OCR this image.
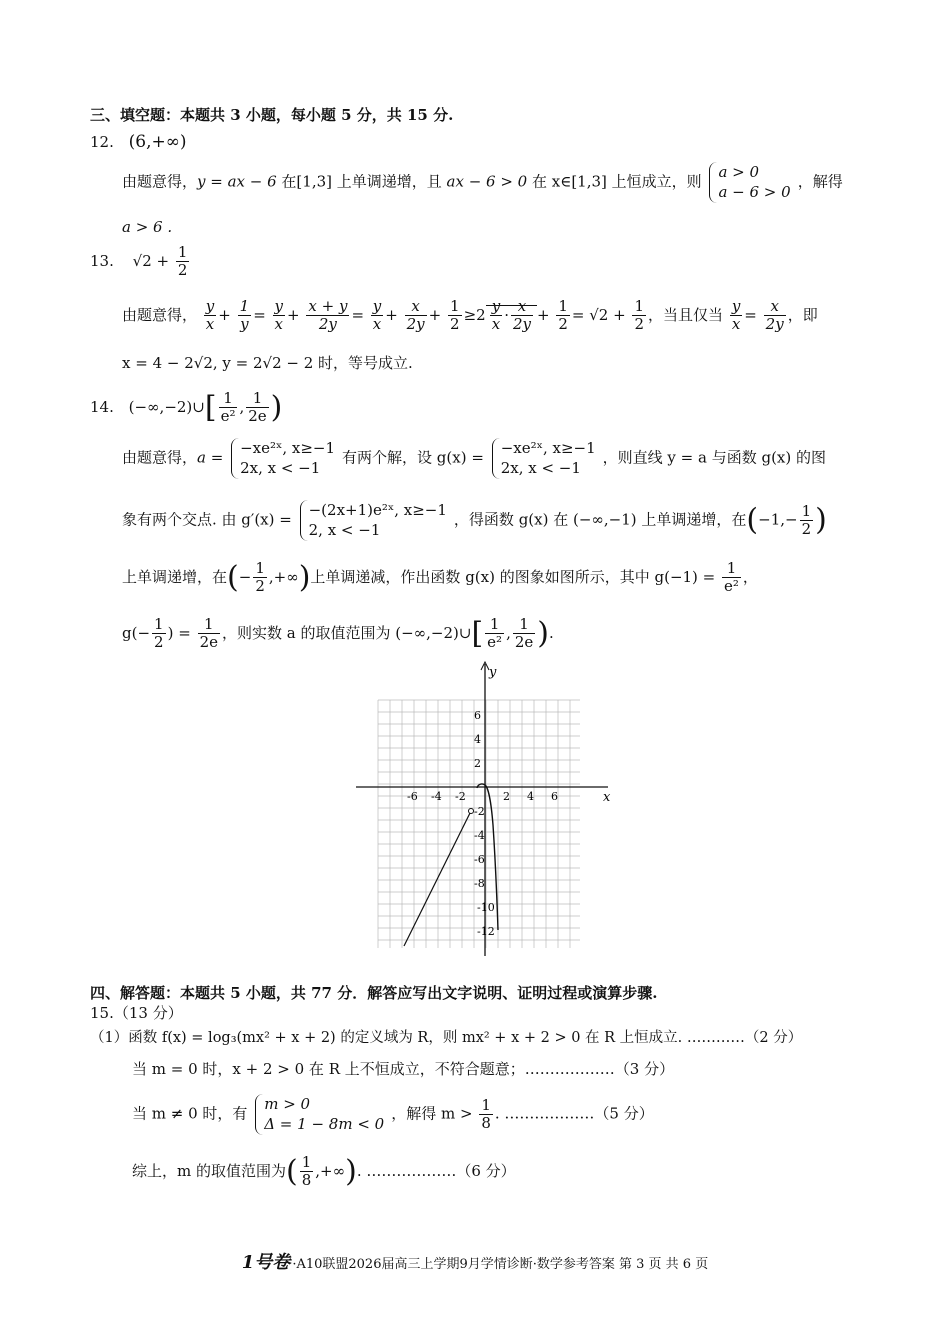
三、填空题：本题共 3 小题，每小题 5 分，共 15 分.
12. (6,+∞)
由题意得，y = ax − 6 在[1,3] 上单调递增，且 ax − 6 > 0 在 x∈[1,3] 上恒成立，则
a > 0
a − 6 > 0
，解得
a > 6 .
13. $√2 + \frac{1}{2}$
由题意得， $\frac{y}{x} + \frac{1}{y} = \frac{y}{x} + \frac{x + y}{2y} = \frac{y}{x} + \frac{x}{2y} + \frac{1}{2} \ge 2 \frac{y}{x} \cdot \frac{x}{2y} + \frac{1}{2} = √2 + \frac{1}{2}$ ，当且仅当 $\frac{y}{x} = \frac{x}{2y}$ ，即
x = 4 − 2√2, y = 2√2 − 2 时，等号成立.
14. (−∞,−2)∪[ $\frac{1}{\text{e²}}$ , $\frac{1}{2e}$ )
由题意得，a =
−xe²ˣ, x≥−1
2x, x < −1
有两个解，设 g(x) =
−xe²ˣ, x≥−1
2x, x < −1
，则直线 y = a 与函数 g(x) 的图
象有两个交点. 由 g′(x) =
−(2x+1)e²ˣ, x≥−1
2, x < −1
，得函数 g(x) 在 (−∞,−1) 上单调递增，在($-1,- \frac{1}{2}$ )
上单调递增，在(− $\frac{1}{2}$ ,+∞)上单调递减，作出函数 g(x) 的图象如图所示，其中 $g(-1) = \frac{1}{\text{e²}}$ ，
$g(- \frac{1}{2}$ ) = $\frac{1}{2e}$ ，则实数 a 的取值范围为 (−∞,−2)∪[ $\frac{1}{\text{e²}}$ , $\frac{1}{2e}$ ).
-6 -4 -2	2 4 6
6
4
2
-2
-4
-6
-8
-10
-12
y
x
四、解答题：本题共 5 小题，共 77 分．解答应写出文字说明、证明过程或演算步骤.
15.（13 分）
（1）函数 f(x) = log₃(mx² + x + 2) 的定义域为 R，则 mx² + x + 2 > 0 在 R 上恒成立. …………（2 分）
当 m = 0 时，x + 2 > 0 在 R 上不恒成立，不符合题意；………………（3 分）
当 m ≠ 0 时，有
m > 0
Δ = 1 − 8m < 0
，解得 $m > \frac{1}{8}$ . ………………（5 分）
综上，m 的取值范围为( $\frac{1}{8}$ ,+∞). ………………（6 分）
1号卷 ·A10联盟2026届高三上学期9月学情诊断·数学参考答案 第 3 页 共 6 页
